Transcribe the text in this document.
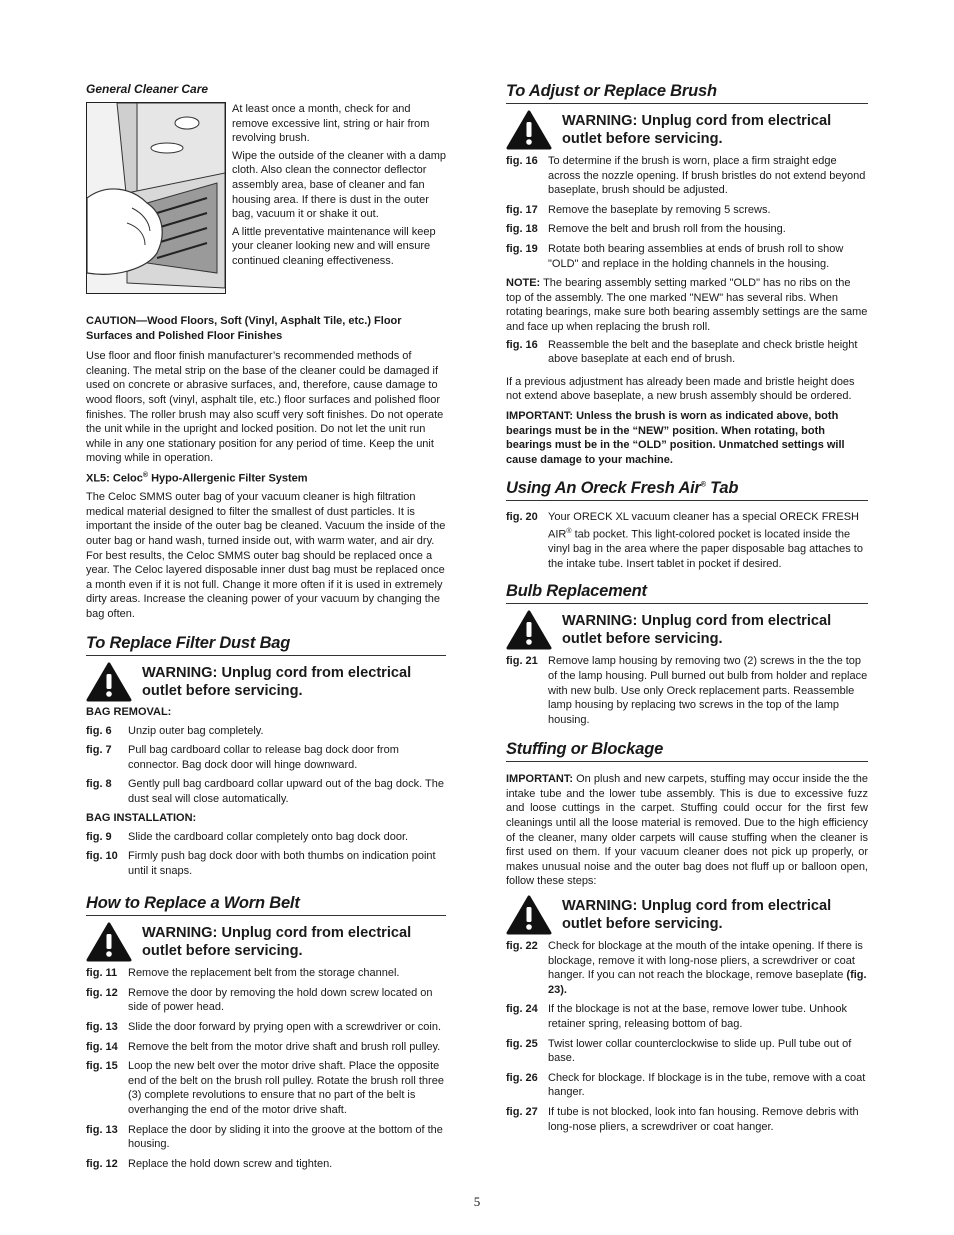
General Cleaner Care

At least once a month, check for and remove excessive lint, string or hair from revolving brush.

Wipe the outside of the cleaner with a damp cloth. Also clean the connector deflector assembly area, base of cleaner and fan housing area. If there is dust in the outer bag, vacuum it or shake it out.

A little preventative maintenance will keep your cleaner looking new and will ensure continued cleaning effectiveness.

CAUTION—Wood Floors, Soft (Vinyl, Asphalt Tile, etc.) Floor Surfaces and Polished Floor Finishes

Use floor and floor finish manufacturer’s recommended methods of cleaning. The metal strip on the base of the cleaner could be damaged if used on concrete or abrasive surfaces, and, therefore, cause damage to wood floors, soft (vinyl, asphalt tile, etc.) floor surfaces and polished floor finishes. The roller brush may also scuff very soft finishes. Do not operate the unit while in the upright and locked position. Do not let the unit run while in any one stationary position for any period of time. Keep the unit moving while in operation.

XL5: Celoc® Hypo-Allergenic Filter System

The Celoc SMMS outer bag of your vacuum cleaner is high filtration medical material designed to filter the smallest of dust particles. It is important the inside of the outer bag be cleaned. Vacuum the inside of the outer bag or hand wash, turned inside out, with warm water, and air dry. For best results, the Celoc SMMS outer bag should be replaced once a year. The Celoc layered disposable inner dust bag must be replaced once a month even if it is not full. Change it more often if it is used in extremely dirty areas. Increase the cleaning power of your vacuum by changing the bag often.

To Replace Filter Dust Bag
WARNING: Unplug cord from electrical outlet before servicing.
BAG REMOVAL:
fig. 6	Unzip outer bag completely.
fig. 7	Pull bag cardboard collar to release bag dock door from connector. Bag dock door will hinge downward.
fig. 8	Gently pull bag cardboard collar upward out of the bag dock. The dust seal will close automatically.
BAG INSTALLATION:
fig. 9	Slide the cardboard collar completely onto bag dock door.
fig. 10 Firmly push bag dock door with both thumbs on indication point until it snaps.
How to Replace a Worn Belt
WARNING: Unplug cord from electrical outlet before servicing.
fig. 11 Remove the replacement belt from the storage channel.
fig. 12 Remove the door by removing the hold down screw located on side of power head.
fig. 13 Slide the door forward by prying open with a screwdriver or coin.
fig. 14 Remove the belt from the motor drive shaft and brush roll pulley.
fig. 15 Loop the new belt over the motor drive shaft. Place the opposite end of the belt on the brush roll pulley. Rotate the brush roll three (3) complete revolutions to ensure that no part of the belt is overhanging the end of the motor drive shaft.
fig. 13 Replace the door by sliding it into the groove at the bottom of the housing.
fig. 12 Replace the hold down screw and tighten.
To Adjust or Replace Brush
WARNING: Unplug cord from electrical outlet before servicing.
fig. 16 To determine if the brush is worn, place a firm straight edge across the nozzle opening. If brush bristles do not extend beyond baseplate, brush should be adjusted.
fig. 17 Remove the baseplate by removing 5 screws.
fig. 18 Remove the belt and brush roll from the housing.
fig. 19 Rotate both bearing assemblies at ends of brush roll to show "OLD" and replace in the holding channels in the housing.

NOTE: The bearing assembly setting marked "OLD" has no ribs on the top of the assembly. The one marked "NEW" has several ribs. When rotating bearings, make sure both bearing assembly settings are the same and face up when replacing the brush roll.

fig. 16 Reassemble the belt and the baseplate and check bristle height above baseplate at each end of brush.

If a previous adjustment has already been made and bristle height does not extend above baseplate, a new brush assembly should be ordered.

IMPORTANT: Unless the brush is worn as indicated above, both bearings must be in the “NEW” position. When rotating, both bearings must be in the “OLD” position. Unmatched settings will cause damage to your machine.

Using An Oreck Fresh Air® Tab
fig. 20 Your ORECK XL vacuum cleaner has a special ORECK FRESH AIR® tab pocket. This light-colored pocket is located inside the vinyl bag in the area where the paper disposable bag attaches to the intake tube. Insert tablet in pocket if desired.
Bulb Replacement
WARNING: Unplug cord from electrical outlet before servicing.
fig. 21 Remove lamp housing by removing two (2) screws in the the top of the lamp housing. Pull burned out bulb from holder and replace with new bulb. Use only Oreck replacement parts. Reassemble lamp housing by replacing two screws in the top of the lamp housing.
Stuffing or Blockage

IMPORTANT: On plush and new carpets, stuffing may occur inside the the intake tube and the lower tube assembly. This is due to excessive fuzz and loose cuttings in the carpet. Stuffing could occur for the first few cleanings until all the loose material is removed. Due to the high efficiency of the cleaner, many older carpets will cause stuffing when the cleaner is first used on them. If your vacuum cleaner does not pick up properly, or makes unusual noise and the outer bag does not fluff up or balloon open, follow these steps:

WARNING: Unplug cord from electrical outlet before servicing.
fig. 22 Check for blockage at the mouth of the intake opening. If there is blockage, remove it with long-nose pliers, a screwdriver or coat hanger. If you can not reach the blockage, remove baseplate (fig. 23).
fig. 24 If the blockage is not at the base, remove lower tube. Unhook retainer spring, releasing bottom of bag.
fig. 25 Twist lower collar counterclockwise to slide up. Pull tube out of base.
fig. 26 Check for blockage. If blockage is in the tube, remove with a coat hanger.
fig. 27 If tube is not blocked, look into fan housing. Remove debris with long-nose pliers, a screwdriver or coat hanger.
5
